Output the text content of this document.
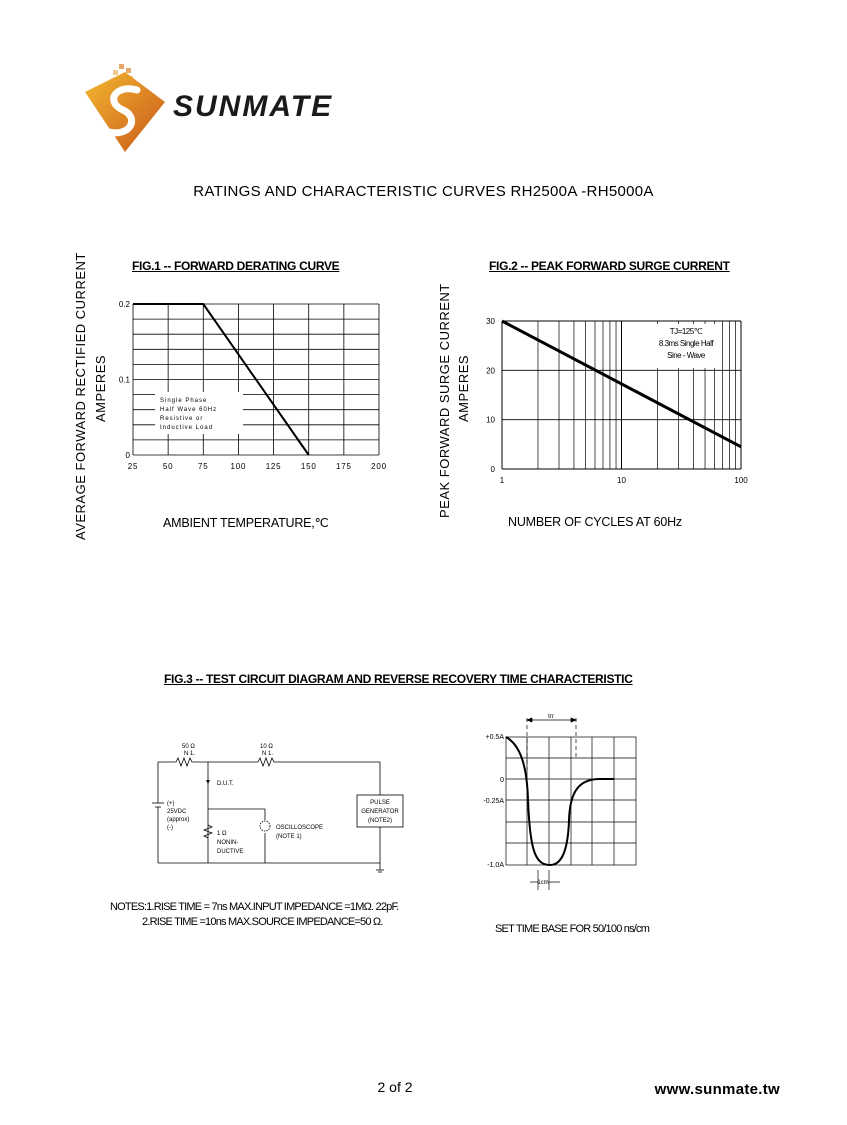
SUNMATE
RATINGS AND CHARACTERISTIC CURVES RH2500A -RH5000A
FIG.1 -- FORWARD DERATING CURVE
AVERAGE FORWARD RECTIFIED CURRENT AMPERES
AMBIENT TEMPERATURE,℃
25	50	75	100 125 150 175 200
0
0.1
0.2
Single Phase
Half Wave 60Hz
Resistive or
Inductive Load
FIG.2 -- PEAK FORWARD SURGE CURRENT
PEAK FORWARD SURGE CURRENT AMPERES
NUMBER OF CYCLES AT 60Hz
TJ=125℃
8.3ms Single Half
Sine - Wave
1	10	100
0
10
20
30
FIG.3 -- TEST CIRCUIT DIAGRAM AND REVERSE RECOVERY TIME CHARACTERISTIC
50 Ω
N 1.
10 Ω
N 1.
D.U.T.
(+)
25VDC
(approx)
(-)
1 Ω
NONIN-
DUCTIVE
OSCILLOSCOPE
(NOTE 1)
PULSE
GENERATOR
(NOTE2)
trr
+0.5A
0
-0.25A
-1.0A
1cm
NOTES:1.RISE TIME = 7ns MAX.INPUT IMPEDANCE =1MΩ. 22pF.
2.RISE TIME =10ns MAX.SOURCE IMPEDANCE=50 Ω.
SET TIME BASE FOR 50/100 ns/cm
2 of 2	www.sunmate.tw
